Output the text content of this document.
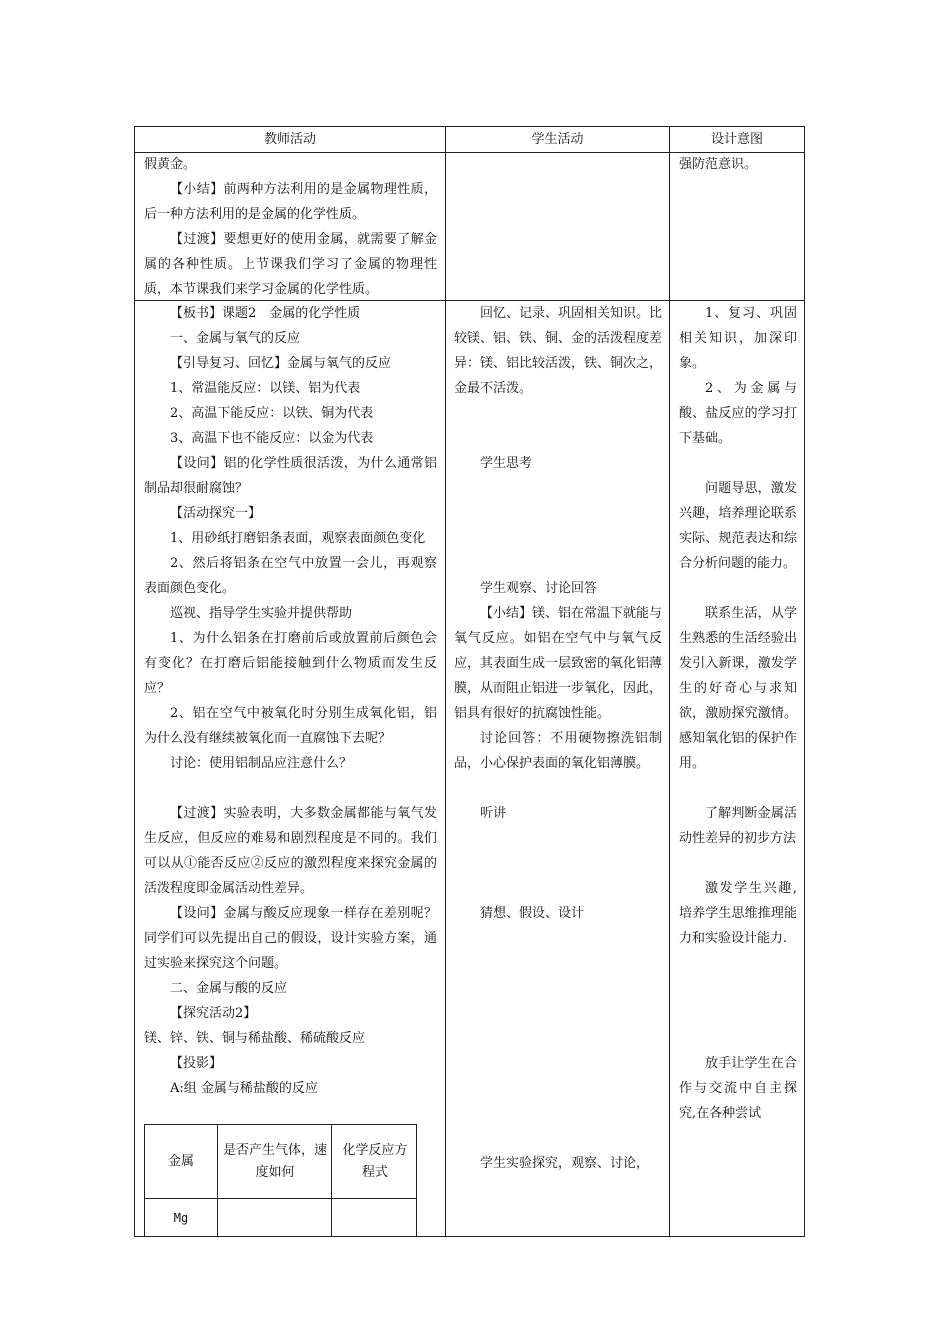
教师活动	学生活动	设计意图

假黄金。

【小结】前两种方法利用的是金属物理性质，后一种方法利用的是金属的化学性质。

【过渡】要想更好的使用金属，就需要了解金属的各种性质。上节课我们学习了金属的物理性质，本节课我们来学习金属的化学性质。

强防范意识。

【板书】课题2　金属的化学性质

一、金属与氧气的反应

【引导复习、回忆】金属与氧气的反应

1、常温能反应：以镁、铝为代表

2、高温下能反应：以铁、铜为代表

3、高温下也不能反应：以金为代表

【设问】铝的化学性质很活泼，为什么通常铝制品却很耐腐蚀？

【活动探究一】

1、用砂纸打磨铝条表面，观察表面颜色变化

2、然后将铝条在空气中放置一会儿，再观察表面颜色变化。

巡视、指导学生实验并提供帮助

1、为什么铝条在打磨前后或放置前后颜色会有变化？在打磨后铝能接触到什么物质而发生反应？

2、铝在空气中被氧化时分别生成氧化铝，铝为什么没有继续被氧化而一直腐蚀下去呢？

讨论：使用铝制品应注意什么？

【过渡】实验表明，大多数金属都能与氧气发生反应，但反应的难易和剧烈程度是不同的。我们可以从①能否反应②反应的激烈程度来探究金属的活泼程度即金属活动性差异。

【设问】金属与酸反应现象一样存在差别呢？同学们可以先提出自己的假设，设计实验方案，通过实验来探究这个问题。

二、金属与酸的反应

【探究活动2】

镁、锌、铁、铜与稀盐酸、稀硫酸反应

【投影】

A:组 金属与稀盐酸的反应

回忆、记录、巩固相关知识。比较镁、铝、铁、铜、金的活泼程度差异：镁、铝比较活泼，铁、铜次之，金最不活泼。

学生思考

学生观察、讨论回答

【小结】镁、铝在常温下就能与氧气反应。如铝在空气中与氧气反应，其表面生成一层致密的氧化铝薄膜，从而阻止铝进一步氧化，因此，铝具有很好的抗腐蚀性能。

讨论回答：不用硬物擦洗铝制品，小心保护表面的氧化铝薄膜。

听讲

猜想、假设、设计

学生实验探究，观察、讨论，

1、复习、巩固相关知识，加深印象。

2、为金属与酸、盐反应的学习打下基础。

问题导思，激发兴趣，培养理论联系实际、规范表达和综合分析问题的能力。

联系生活，从学生熟悉的生活经验出发引入新课，激发学生的好奇心与求知欲，激励探究激情。感知氧化铝的保护作用。

了解判断金属活动性差异的初步方法

激发学生兴趣,培养学生思维推理能力和实验设计能力.

放手让学生在合作与交流中自主探究,在各种尝试

金属
是否产生气体，速度如何
化学反应方程式
Mg
